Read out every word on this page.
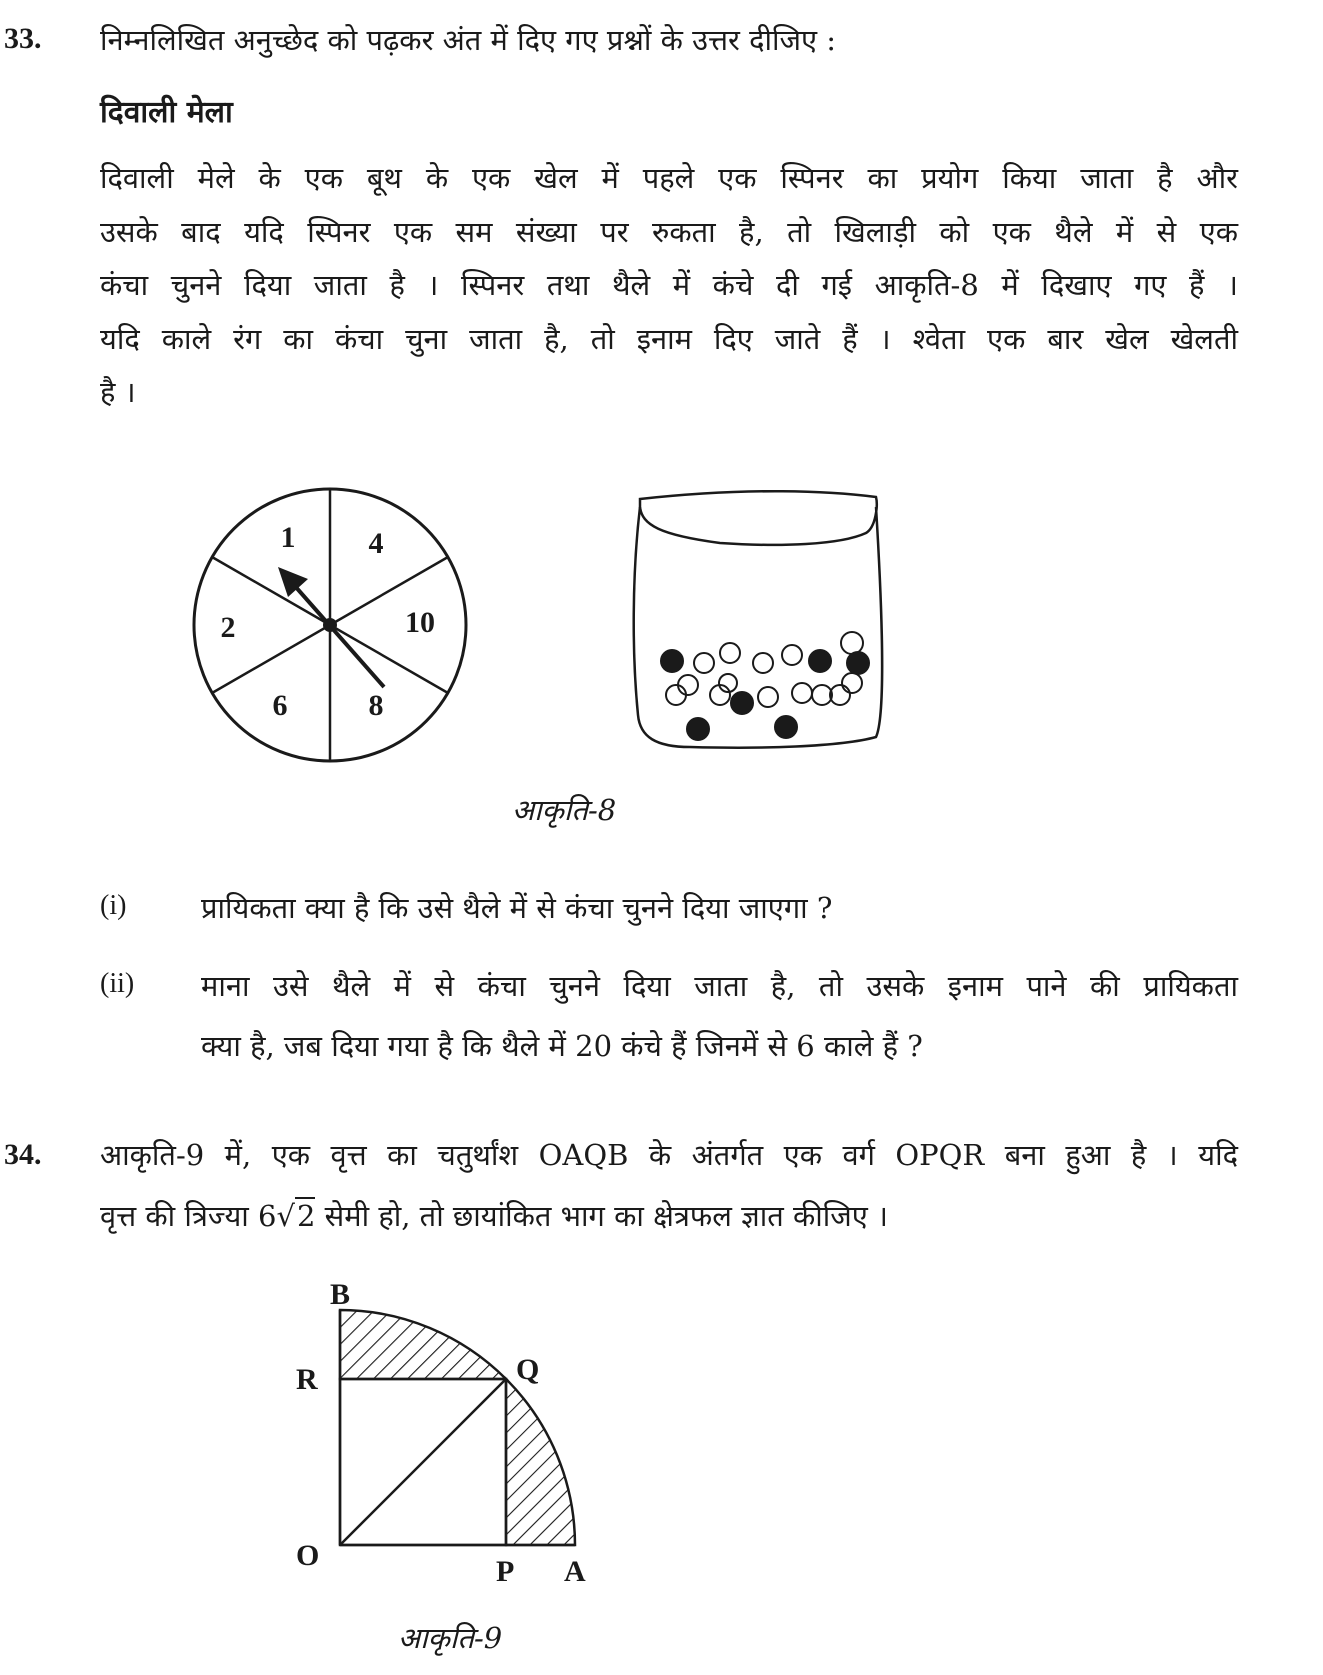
33. निम्नलिखित अनुच्छेद को पढ़कर अंत में दिए गए प्रश्नों के उत्तर दीजिए :
दिवाली मेला
दिवाली मेले के एक बूथ के एक खेल में पहले एक स्पिनर का प्रयोग किया जाता है और
उसके बाद यदि स्पिनर एक सम संख्या पर रुकता है, तो खिलाड़ी को एक थैले में से एक
कंचा चुनने दिया जाता है । स्पिनर तथा थैले में कंचे दी गई आकृति-8 में दिखाए गए हैं ।
यदि काले रंग का कंचा चुना जाता है, तो इनाम दिए जाते हैं । श्वेता एक बार खेल खेलती
है ।
1 4
10
8
6
2
आकृति-8
(i)	प्रायिकता क्या है कि उसे थैले में से कंचा चुनने दिया जाएगा ?
(ii) माना उसे थैले में से कंचा चुनने दिया जाता है, तो उसके इनाम पाने की प्रायिकता
क्या है, जब दिया गया है कि थैले में 20 कंचे हैं जिनमें से 6 काले हैं ?
34. आकृति-9 में, एक वृत्त का चतुर्थांश OAQB के अंतर्गत एक वर्ग OPQR बना हुआ है । यदि
वृत्त की त्रिज्या 6√2 सेमी हो, तो छायांकित भाग का क्षेत्रफल ज्ञात कीजिए ।
B
R	Q
O	P A
आकृति-9
